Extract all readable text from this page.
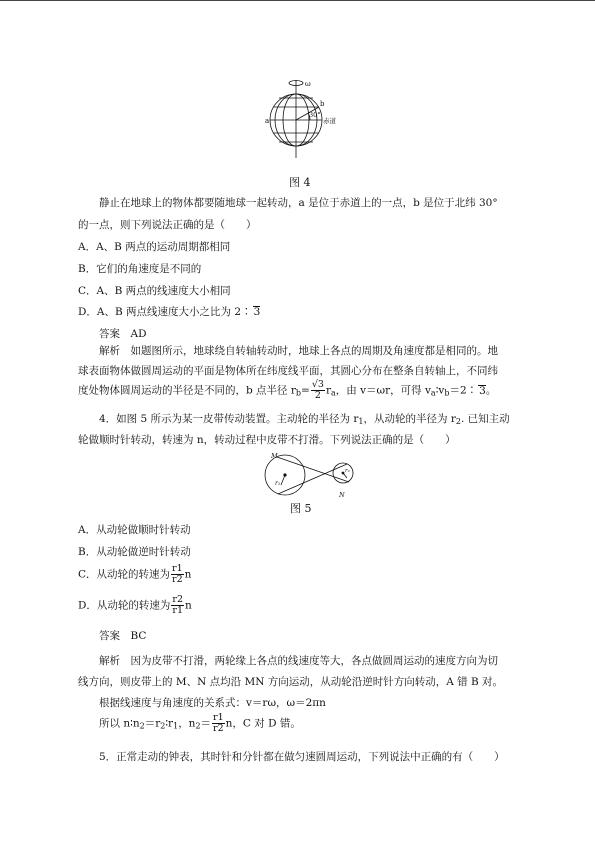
ω
a
b
30°
赤道
图 4
静止在地球上的物体都要随地球一起转动，a 是位于赤道上的一点，b 是位于北纬 30°
的一点，则下列说法正确的是（　　）
A．A、B 两点的运动周期都相同
B．它们的角速度是不同的
C．A、B 两点的线速度大小相同
D．A、B 两点线速度大小之比为 2∶ 3
答案　AD
解析　如题图所示，地球绕自转轴转动时，地球上各点的周期及角速度都是相同的。地
球表面物体做圆周运动的平面是物体所在纬度线平面，其圆心分布在整条自转轴上，不同纬
度处物体圆周运动的半径是不同的，b 点半径 $r_b= \frac{√3}{2} r_a$，由 v＝ωr，可得 $v_a∶v_b=2∶$ 3。
4．如图 5 所示为某一皮带传动装置。主动轮的半径为 $r_1$，从动轮的半径为 $r_2$. 已知主动
轮做顺时针转动，转速为 n，转动过程中皮带不打滑。下列说法正确的是（　　）
M
N
r₁
r₂
图 5
A．从动轮做顺时针转动
B．从动轮做逆时针转动
C．从动轮的转速为 $\frac{r1}{r2}$ n
D．从动轮的转速为 $\frac{r2}{r1}$ n
答案　BC
解析　因为皮带不打滑，两轮缘上各点的线速度等大，各点做圆周运动的速度方向为切
线方向，则皮带上的 M、N 点均沿 MN 方向运动，从动轮沿逆时针方向转动，A 错 B 对。
根据线速度与角速度的关系式：v＝rω，ω＝2πn
所以 $n∶n_2=r_2∶r_1$，$n_2= \frac{r1}{r2}$ n，C 对 D 错。
5．正常走动的钟表，其时针和分针都在做匀速圆周运动，下列说法中正确的有（　　）
